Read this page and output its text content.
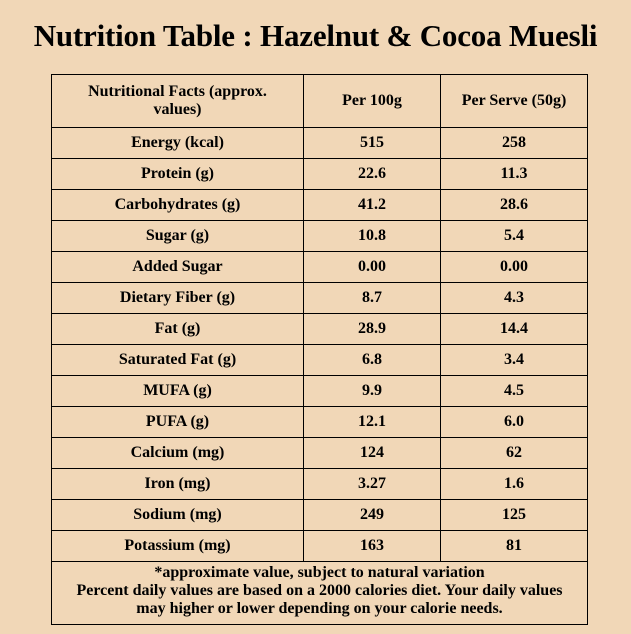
Nutrition Table : Hazelnut & Cocoa Muesli
Nutritional Facts (approx. values)	Per 100g	Per Serve (50g)
Energy (kcal)	515	258
Protein (g)	22.6	11.3
Carbohydrates (g)	41.2	28.6
Sugar (g)	10.8	5.4
Added Sugar	0.00	0.00
Dietary Fiber (g)	8.7	4.3
Fat (g)	28.9	14.4
Saturated Fat (g)	6.8	3.4
MUFA (g)	9.9	4.5
PUFA (g)	12.1	6.0
Calcium (mg)	124	62
Iron (mg)	3.27	1.6
Sodium (mg)	249	125
Potassium (mg)	163	81

*approximate value, subject to natural variation
Percent daily values are based on a 2000 calories diet. Your daily values
may higher or lower depending on your calorie needs.		
